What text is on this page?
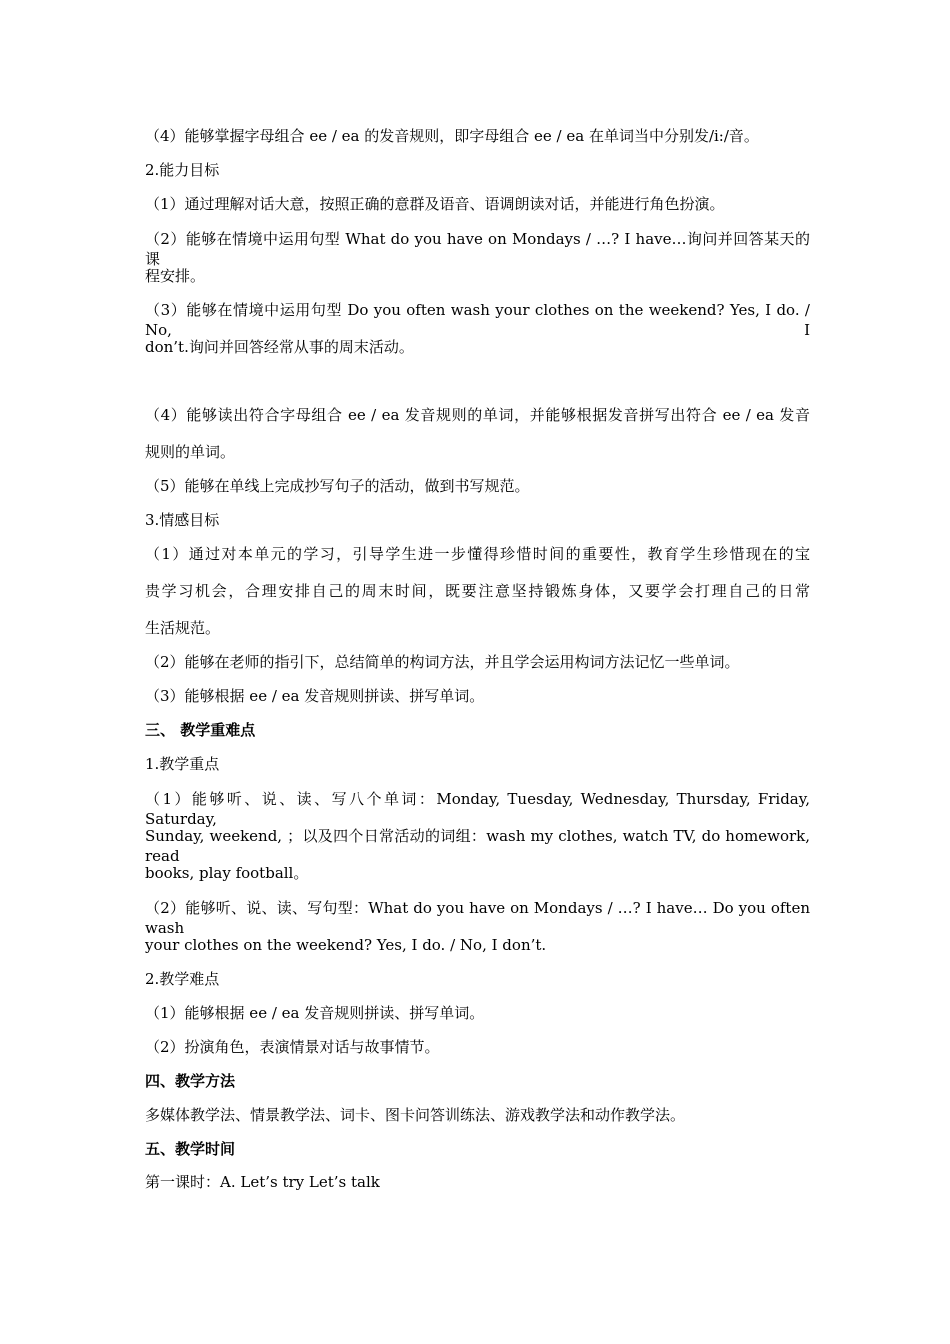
（4）能够掌握字母组合 ee / ea 的发音规则，即字母组合 ee / ea 在单词当中分别发/i:/音。
2.能力目标
（1）通过理解对话大意，按照正确的意群及语音、语调朗读对话，并能进行角色扮演。
（2）能够在情境中运用句型 What do you have on Mondays / …? I have…询问并回答某天的课
程安排。
（3）能够在情境中运用句型 Do you often wash your clothes on the weekend? Yes, I do. / No, I
don’t.询问并回答经常从事的周末活动。
（4）能够读出符合字母组合 ee / ea 发音规则的单词，并能够根据发音拼写出符合 ee / ea 发音
规则的单词。
（5）能够在单线上完成抄写句子的活动，做到书写规范。
3.情感目标
（1）通过对本单元的学习，引导学生进一步懂得珍惜时间的重要性，教育学生珍惜现在的宝
贵学习机会，合理安排自己的周末时间，既要注意坚持锻炼身体，又要学会打理自己的日常
生活规范。
（2）能够在老师的指引下，总结简单的构词方法，并且学会运用构词方法记忆一些单词。
（3）能够根据 ee / ea 发音规则拼读、拼写单词。
三、 教学重难点
1.教学重点
（1）能够听、说、读、写八个单词：Monday, Tuesday, Wednesday, Thursday, Friday, Saturday,
Sunday, weekend, ；以及四个日常活动的词组：wash my clothes, watch TV, do homework, read
books, play football。
（2）能够听、说、读、写句型：What do you have on Mondays / …? I have… Do you often wash
your clothes on the weekend? Yes, I do. / No, I don’t.
2.教学难点
（1）能够根据 ee / ea 发音规则拼读、拼写单词。
（2）扮演角色，表演情景对话与故事情节。
四、教学方法
多媒体教学法、情景教学法、词卡、图卡问答训练法、游戏教学法和动作教学法。
五、教学时间
第一课时：A. Let’s try Let’s talk
